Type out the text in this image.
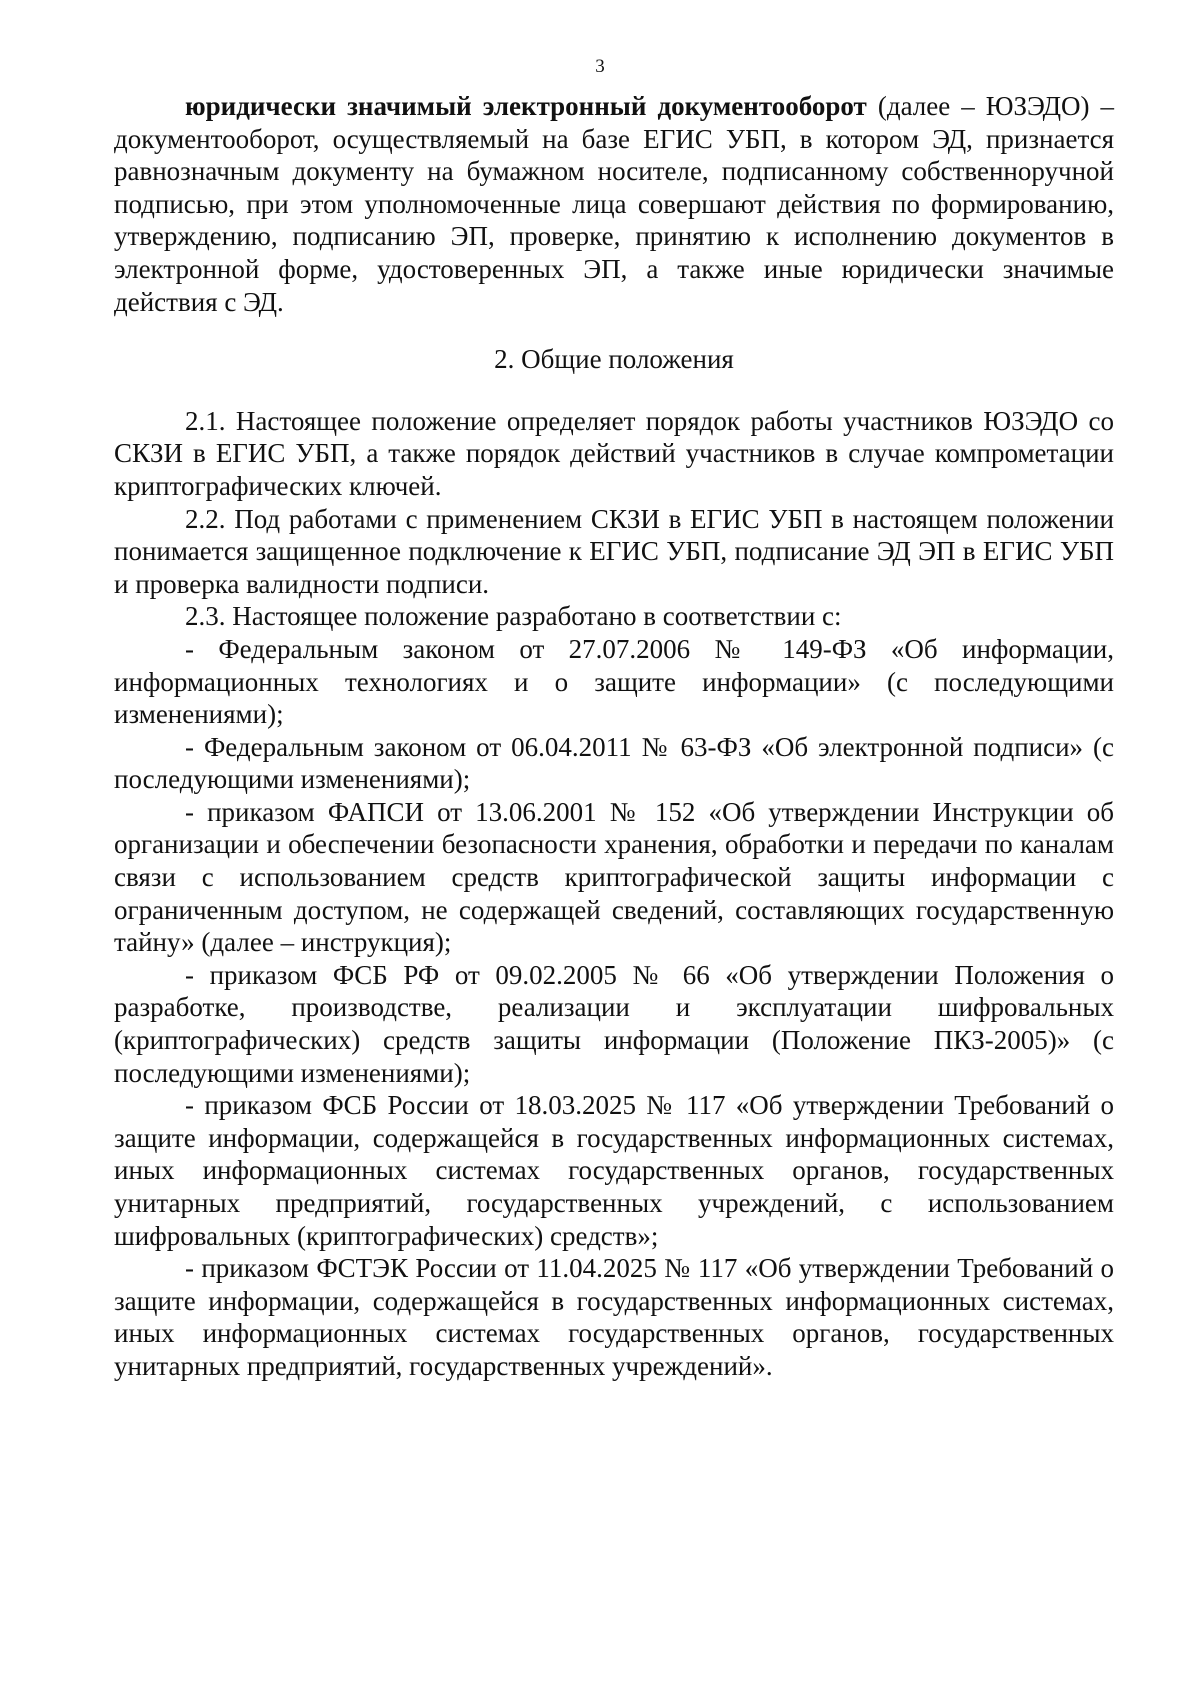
3

юридически значимый электронный документооборот (далее – ЮЗЭДО) – документооборот, осуществляемый на базе ЕГИС УБП, в котором ЭД, признается равнозначным документу на бумажном носителе, подписанному собственноручной подписью, при этом уполномоченные лица совершают действия по формированию, утверждению, подписанию ЭП, проверке, принятию к исполнению документов в электронной форме, удостоверенных ЭП, а также иные юридически значимые действия с ЭД.

2. Общие положения

2.1. Настоящее положение определяет порядок работы участников ЮЗЭДО со СКЗИ в ЕГИС УБП, а также порядок действий участников в случае компрометации криптографических ключей.

2.2. Под работами с применением СКЗИ в ЕГИС УБП в настоящем положении понимается защищенное подключение к ЕГИС УБП, подписание ЭД ЭП в ЕГИС УБП и проверка валидности подписи.

2.3. Настоящее положение разработано в соответствии с:

- Федеральным законом от 27.07.2006 № 149-ФЗ «Об информации, информационных технологиях и о защите информации» (с последующими изменениями);

- Федеральным законом от 06.04.2011 № 63-ФЗ «Об электронной подписи» (с последующими изменениями);

- приказом ФАПСИ от 13.06.2001 № 152 «Об утверждении Инструкции об организации и обеспечении безопасности хранения, обработки и передачи по каналам связи с использованием средств криптографической защиты информации с ограниченным доступом, не содержащей сведений, составляющих государственную тайну» (далее – инструкция);

- приказом ФСБ РФ от 09.02.2005 № 66 «Об утверждении Положения о разработке, производстве, реализации и эксплуатации шифровальных (криптографических) средств защиты информации (Положение ПКЗ-2005)» (с последующими изменениями);

- приказом ФСБ России от 18.03.2025 № 117 «Об утверждении Требований о защите информации, содержащейся в государственных информационных системах, иных информационных системах государственных органов, государственных унитарных предприятий, государственных учреждений, с использованием шифровальных (криптографических) средств»;

- приказом ФСТЭК России от 11.04.2025 № 117 «Об утверждении Требований о защите информации, содержащейся в государственных информационных системах, иных информационных системах государственных органов, государственных унитарных предприятий, государственных учреждений».
